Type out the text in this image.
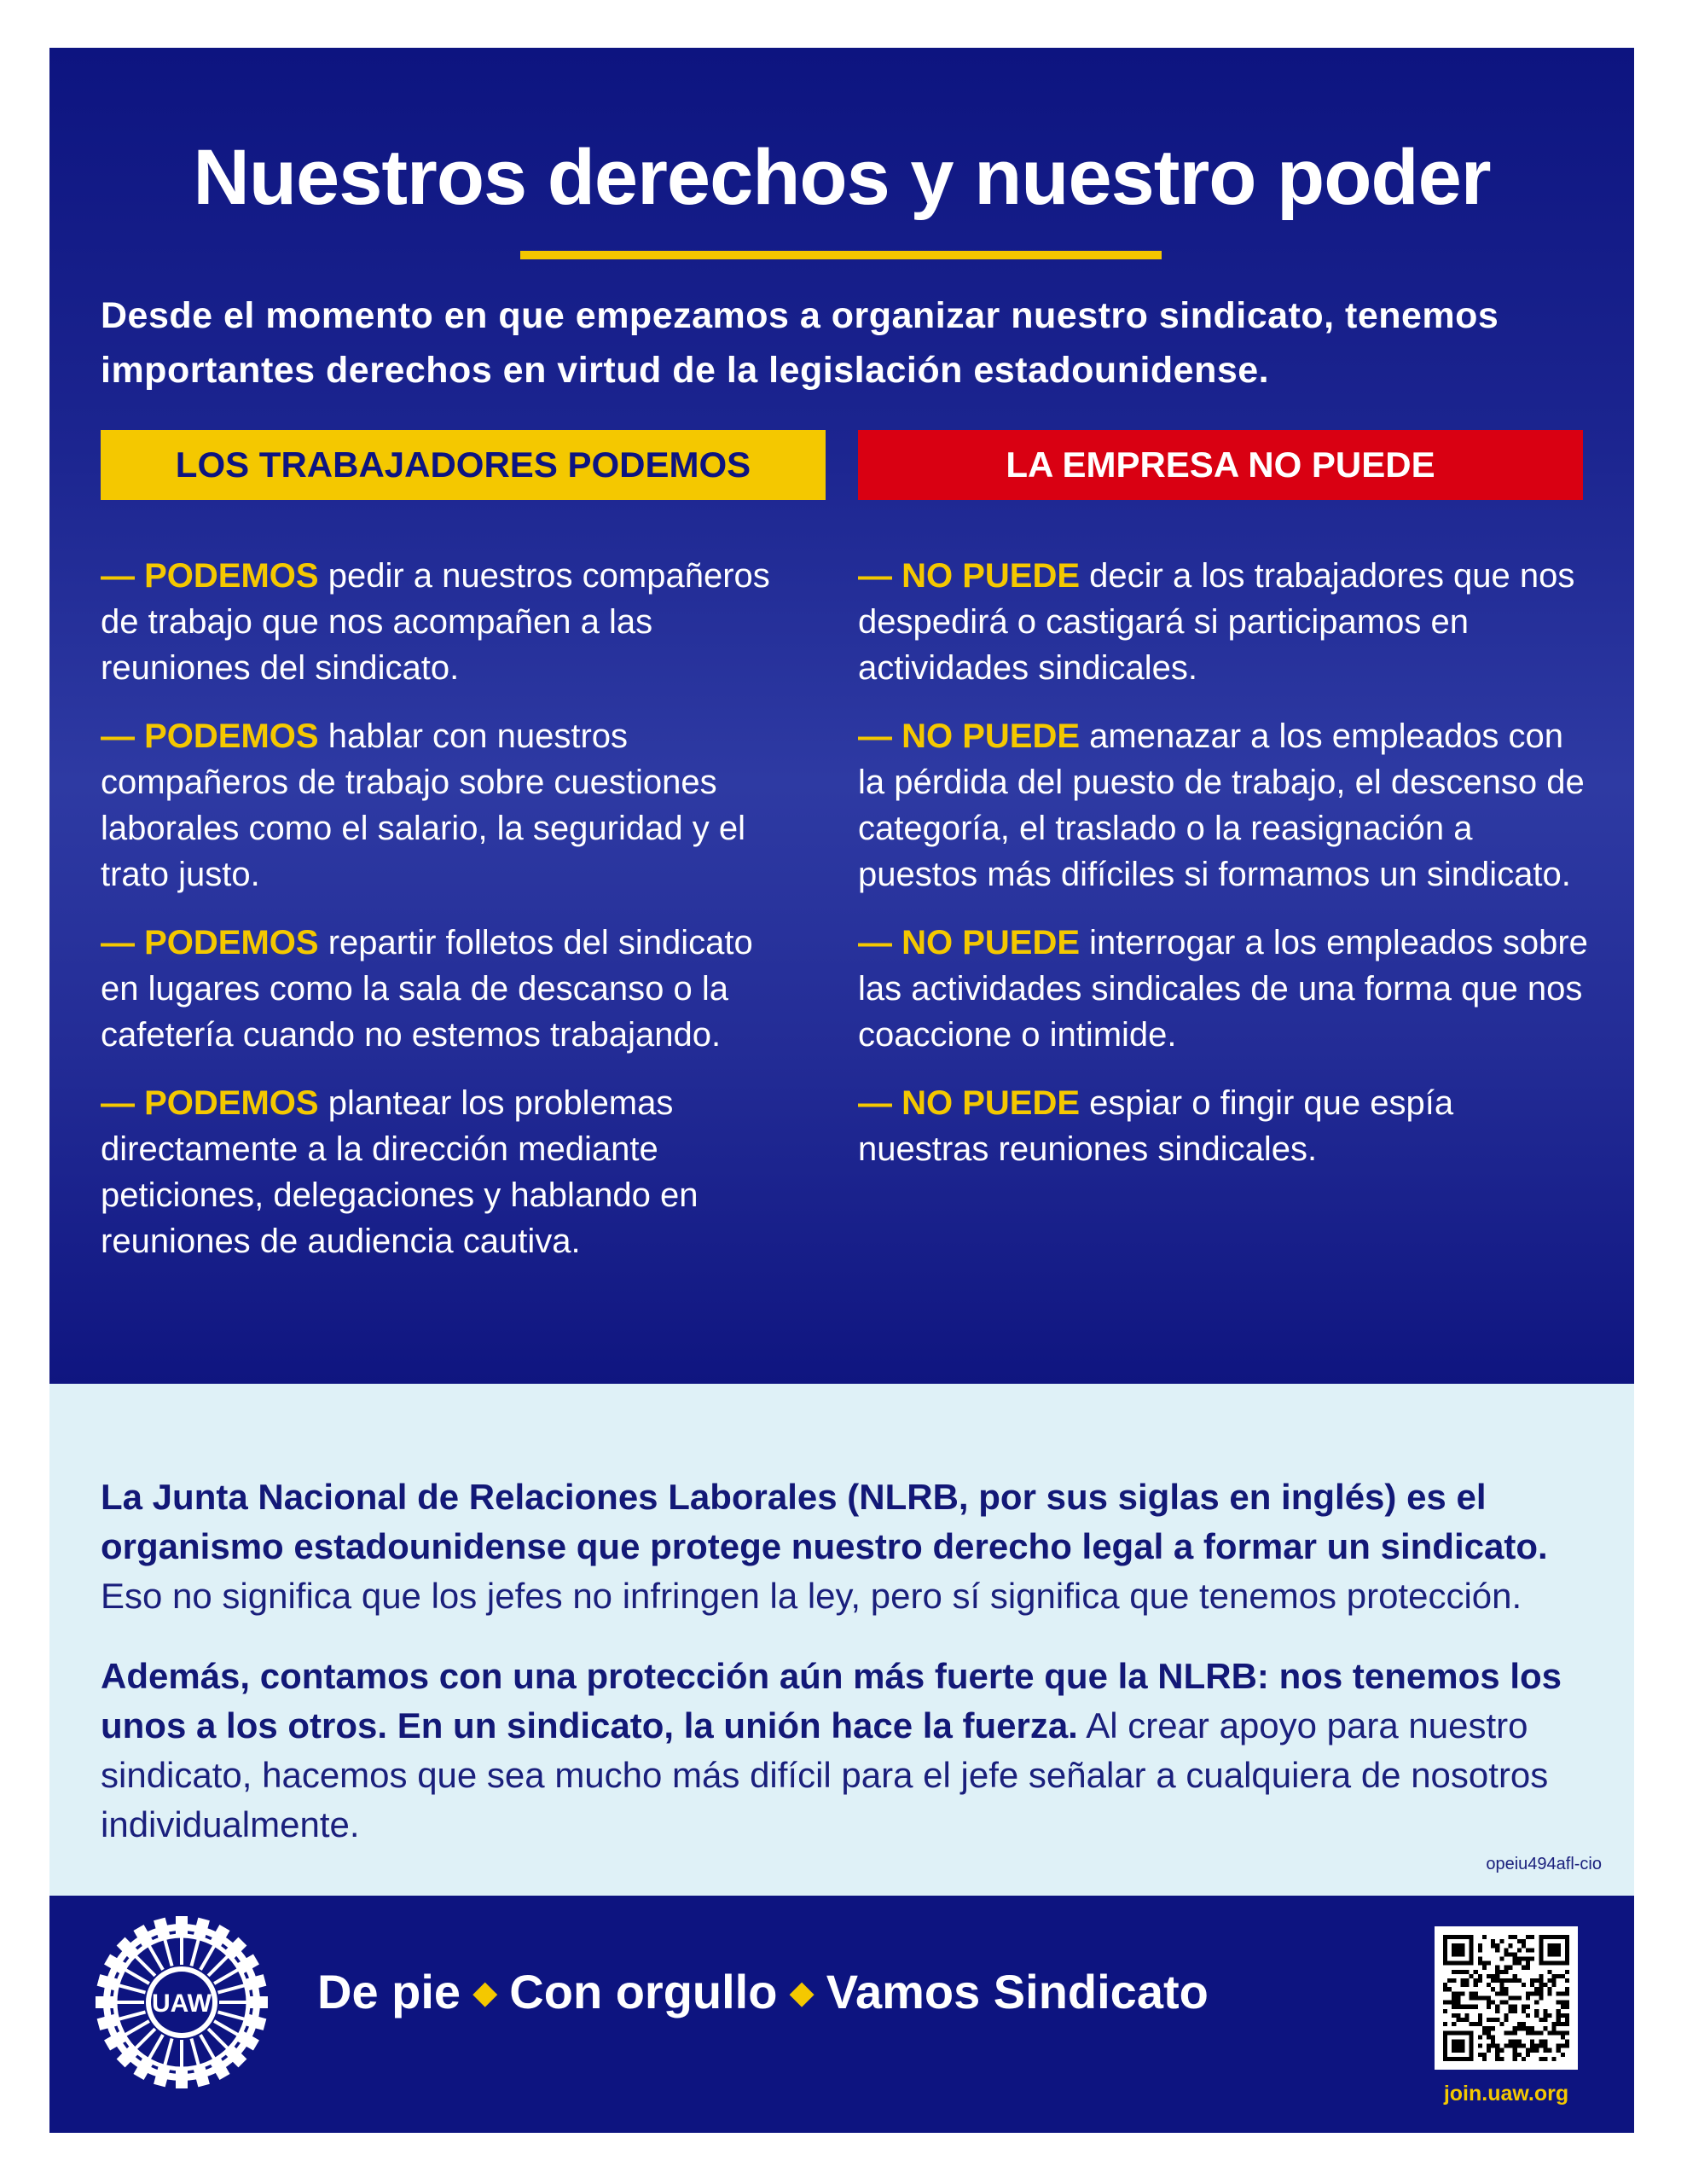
Nuestros derechos y nuestro poder

Desde el momento en que empezamos a organizar nuestro sindicato, tenemos importantes derechos en virtud de la legislación estadounidense.

LOS TRABAJADORES PODEMOS	LA EMPRESA NO PUEDE

— PODEMOS pedir a nuestros compañeros de trabajo que nos acompañen a las reuniones del sindicato.

— PODEMOS hablar con nuestros compañeros de trabajo sobre cuestiones laborales como el salario, la seguridad y el trato justo.

— PODEMOS repartir folletos del sindicato en lugares como la sala de descanso o la cafetería cuando no estemos trabajando.

— PODEMOS plantear los problemas directamente a la dirección mediante peticiones, delegaciones y hablando en reuniones de audiencia cautiva.

— NO PUEDE decir a los trabajadores que nos despedirá o castigará si participamos en actividades sindicales.

— NO PUEDE amenazar a los empleados con la pérdida del puesto de trabajo, el descenso de categoría, el traslado o la reasignación a puestos más difíciles si formamos un sindicato.

— NO PUEDE interrogar a los empleados sobre las actividades sindicales de una forma que nos coaccione o intimide.

— NO PUEDE espiar o fingir que espía nuestras reuniones sindicales.

La Junta Nacional de Relaciones Laborales (NLRB, por sus siglas en inglés) es el organismo estadounidense que protege nuestro derecho legal a formar un sindicato. Eso no significa que los jefes no infringen la ley, pero sí significa que tenemos protección.

Además, contamos con una protección aún más fuerte que la NLRB: nos tenemos los unos a los otros. En un sindicato, la unión hace la fuerza. Al crear apoyo para nuestro sindicato, hacemos que sea mucho más difícil para el jefe señalar a cualquiera de nosotros individualmente.

opeiu494afl-cio
UAW De pie ◆ Con orgullo ◆ Vamos Sindicato
join.uaw.org
